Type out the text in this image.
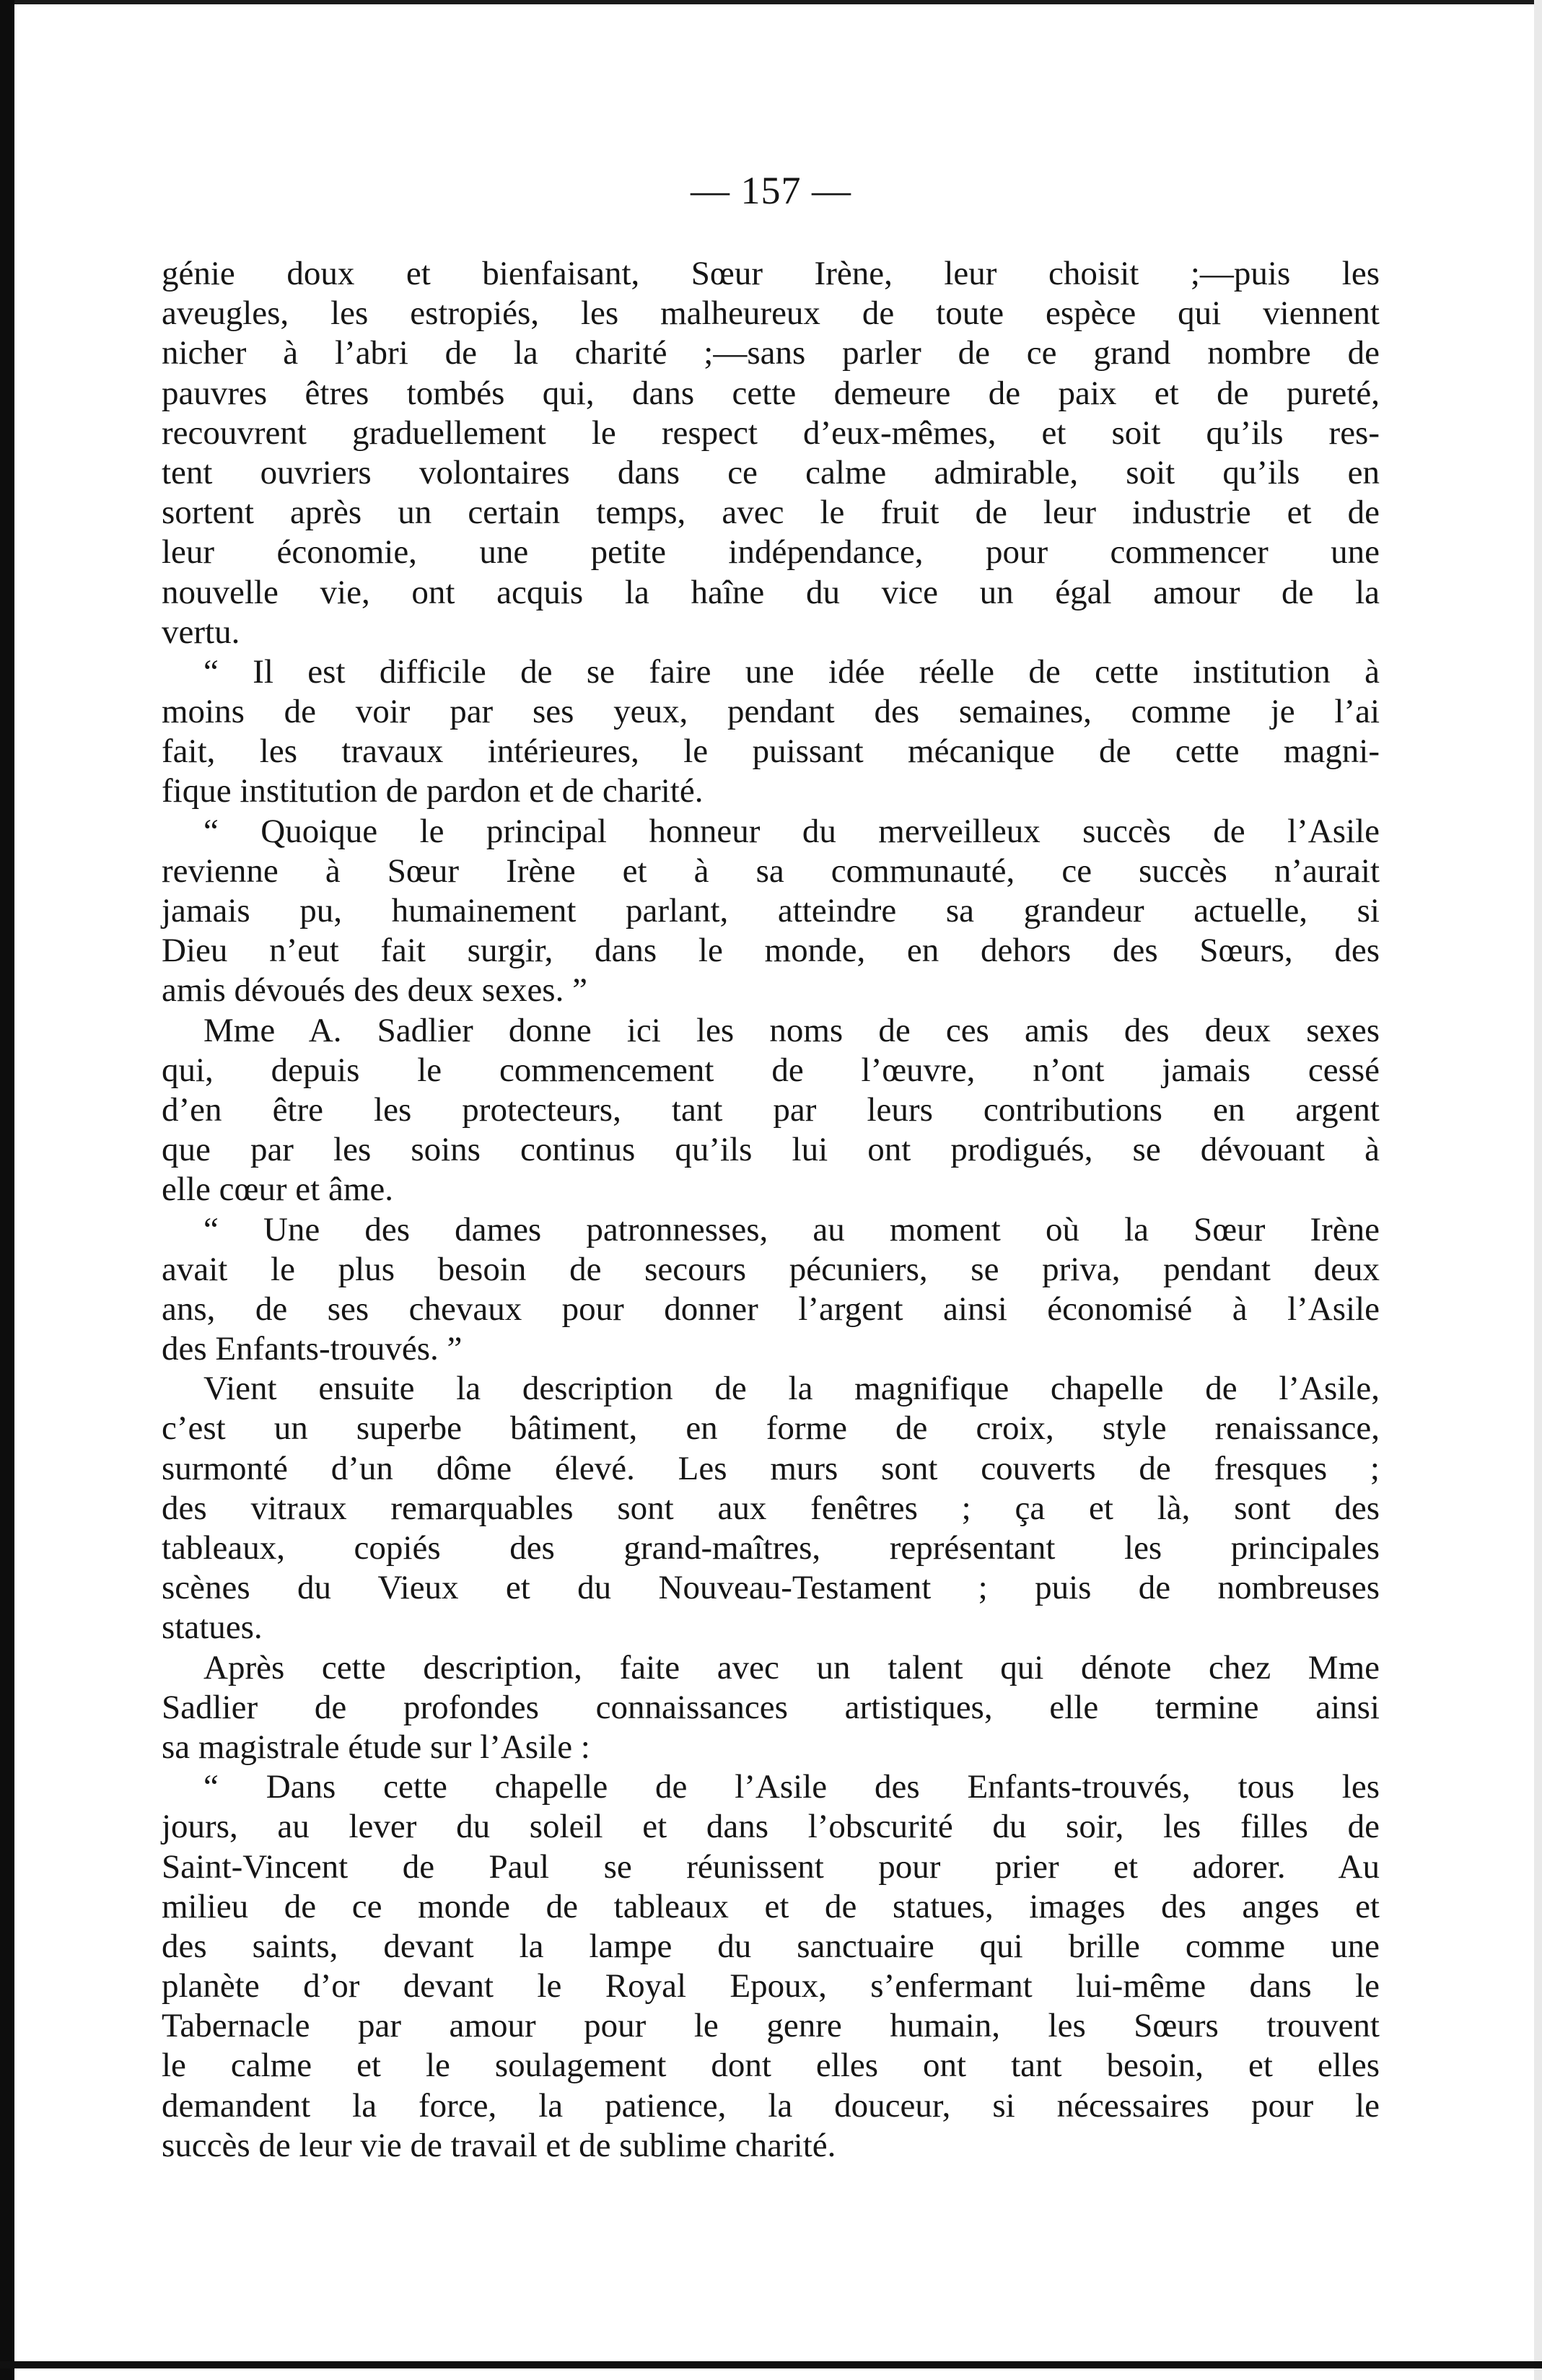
— 157 —
génie doux et bienfaisant, Sœur Irène, leur choisit ;—puis les
aveugles, les estropiés, les malheureux de toute espèce qui viennent
nicher à l’abri de la charité ;—sans parler de ce grand nombre de
pauvres êtres tombés qui, dans cette demeure de paix et de pureté,
recouvrent graduellement le respect d’eux-mêmes, et soit qu’ils res-
tent ouvriers volontaires dans ce calme admirable, soit qu’ils en
sortent après un certain temps, avec le fruit de leur industrie et de
leur économie, une petite indépendance, pour commencer une
nouvelle vie, ont acquis la haîne du vice un égal amour de la
vertu.
“ Il est difficile de se faire une idée réelle de cette institution à
moins de voir par ses yeux, pendant des semaines, comme je l’ai
fait, les travaux intérieures, le puissant mécanique de cette magni-
fique institution de pardon et de charité.
“ Quoique le principal honneur du merveilleux succès de l’Asile
revienne à Sœur Irène et à sa communauté, ce succès n’aurait
jamais pu, humainement parlant, atteindre sa grandeur actuelle, si
Dieu n’eut fait surgir, dans le monde, en dehors des Sœurs, des
amis dévoués des deux sexes. ”
Mme A. Sadlier donne ici les noms de ces amis des deux sexes
qui, depuis le commencement de l’œuvre, n’ont jamais cessé
d’en être les protecteurs, tant par leurs contributions en argent
que par les soins continus qu’ils lui ont prodigués, se dévouant à
elle cœur et âme.
“ Une des dames patronnesses, au moment où la Sœur Irène
avait le plus besoin de secours pécuniers, se priva, pendant deux
ans, de ses chevaux pour donner l’argent ainsi économisé à l’Asile
des Enfants-trouvés. ”
Vient ensuite la description de la magnifique chapelle de l’Asile,
c’est un superbe bâtiment, en forme de croix, style renaissance,
surmonté d’un dôme élevé. Les murs sont couverts de fresques ;
des vitraux remarquables sont aux fenêtres ; ça et là, sont des
tableaux, copiés des grand-maîtres, représentant les principales
scènes du Vieux et du Nouveau-Testament ; puis de nombreuses
statues.
Après cette description, faite avec un talent qui dénote chez Mme
Sadlier de profondes connaissances artistiques, elle termine ainsi
sa magistrale étude sur l’Asile :
“ Dans cette chapelle de l’Asile des Enfants-trouvés, tous les
jours, au lever du soleil et dans l’obscurité du soir, les filles de
Saint-Vincent de Paul se réunissent pour prier et adorer. Au
milieu de ce monde de tableaux et de statues, images des anges et
des saints, devant la lampe du sanctuaire qui brille comme une
planète d’or devant le Royal Epoux, s’enfermant lui-même dans le
Tabernacle par amour pour le genre humain, les Sœurs trouvent
le calme et le soulagement dont elles ont tant besoin, et elles
demandent la force, la patience, la douceur, si nécessaires pour le
succès de leur vie de travail et de sublime charité.
